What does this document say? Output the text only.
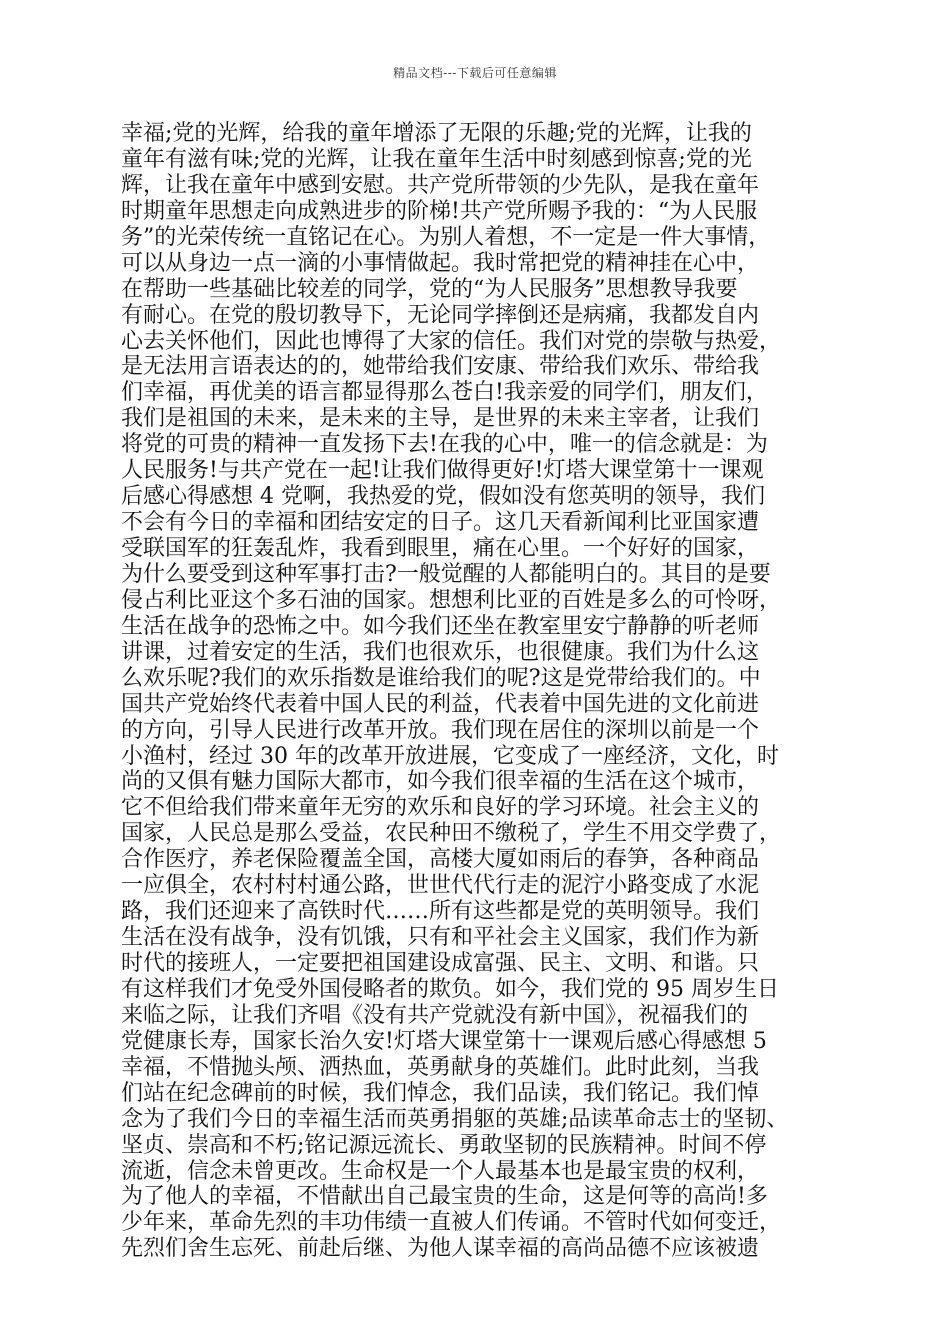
精品文档---下载后可任意编辑
幸福;党的光辉，给我的童年增添了无限的乐趣;党的光辉，让我的
童年有滋有味;党的光辉，让我在童年生活中时刻感到惊喜;党的光
辉，让我在童年中感到安慰。共产党所带领的少先队，是我在童年
时期童年思想走向成熟进步的阶梯!共产党所赐予我的：“为人民服
务”的光荣传统一直铭记在心。为别人着想，不一定是一件大事情，
可以从身边一点一滴的小事情做起。我时常把党的精神挂在心中，
在帮助一些基础比较差的同学，党的“为人民服务”思想教导我要
有耐心。在党的殷切教导下，无论同学摔倒还是病痛，我都发自内
心去关怀他们，因此也博得了大家的信任。我们对党的崇敬与热爱，
是无法用言语表达的的，她带给我们安康、带给我们欢乐、带给我
们幸福，再优美的语言都显得那么苍白!我亲爱的同学们，朋友们，
我们是祖国的未来，是未来的主导，是世界的未来主宰者，让我们
将党的可贵的精神一直发扬下去!在我的心中，唯一的信念就是：为
人民服务!与共产党在一起!让我们做得更好!灯塔大课堂第十一课观
后感心得感想 4 党啊，我热爱的党，假如没有您英明的领导，我们
不会有今日的幸福和团结安定的日子。这几天看新闻利比亚国家遭
受联国军的狂轰乱炸，我看到眼里，痛在心里。一个好好的国家，
为什么要受到这种军事打击?一般觉醒的人都能明白的。其目的是要
侵占利比亚这个多石油的国家。想想利比亚的百姓是多么的可怜呀，
生活在战争的恐怖之中。如今我们还坐在教室里安宁静静的听老师
讲课，过着安定的生活，我们也很欢乐，也很健康。我们为什么这
么欢乐呢?我们的欢乐指数是谁给我们的呢?这是党带给我们的。中
国共产党始终代表着中国人民的利益，代表着中国先进的文化前进
的方向，引导人民进行改革开放。我们现在居住的深圳以前是一个
小渔村，经过 30 年的改革开放进展，它变成了一座经济，文化，时
尚的又俱有魅力国际大都市，如今我们很幸福的生活在这个城市，
它不但给我们带来童年无穷的欢乐和良好的学习环境。社会主义的
国家，人民总是那么受益，农民种田不缴税了，学生不用交学费了，
合作医疗，养老保险覆盖全国，高楼大厦如雨后的春笋，各种商品
一应俱全，农村村村通公路，世世代代行走的泥泞小路变成了水泥
路，我们还迎来了高铁时代……所有这些都是党的英明领导。我们
生活在没有战争，没有饥饿，只有和平社会主义国家，我们作为新
时代的接班人，一定要把祖国建设成富强、民主、文明、和谐。只
有这样我们才免受外国侵略者的欺负。如今，我们党的 95 周岁生日
来临之际，让我们齐唱《没有共产党就没有新中国》，祝福我们的
党健康长寿，国家长治久安!灯塔大课堂第十一课观后感心得感想 5
幸福，不惜抛头颅、洒热血，英勇献身的英雄们。此时此刻，当我
们站在纪念碑前的时候，我们悼念，我们品读，我们铭记。我们悼
念为了我们今日的幸福生活而英勇捐躯的英雄;品读革命志士的坚韧、
坚贞、崇高和不朽;铭记源远流长、勇敢坚韧的民族精神。时间不停
流逝，信念未曾更改。生命权是一个人最基本也是最宝贵的权利，
为了他人的幸福，不惜献出自己最宝贵的生命，这是何等的高尚!多
少年来，革命先烈的丰功伟绩一直被人们传诵。不管时代如何变迁，
先烈们舍生忘死、前赴后继、为他人谋幸福的高尚品德不应该被遗
